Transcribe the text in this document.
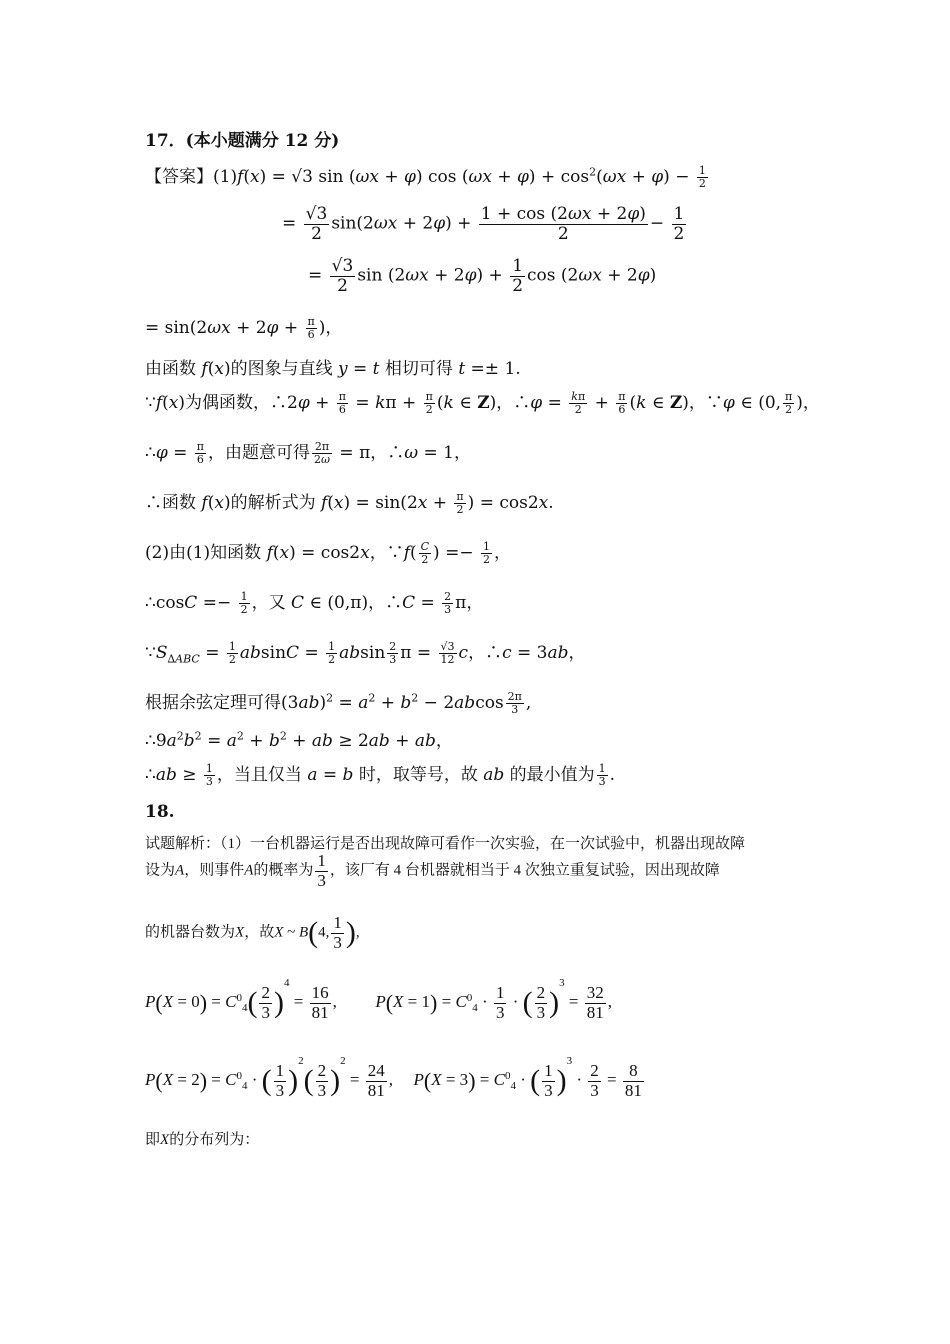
17．(本小题满分 12 分)
【答案】(1)f(x) = √3 sin (ωx + φ) $\cos (\omega x + \varphi) + \cos^2(\omega x + \varphi) - \frac{1}{2}$
= $\frac{√3}{2} \sin(2\omega x + 2\varphi) + \frac{1 + \cos (2\omega x + 2\varphi)}{2} - \frac{1}{2}$
= $\frac{√3}{2}$ $\sin (2\omega x + 2\varphi) + \frac{1}{2}$ cos (2ωx + 2φ)
= $\sin(2\omega x + 2\varphi + \frac{\pi}{6}$ )，
由函数 f(x)的图象与直线 y = t 相切可得 t =± 1.
∵f(x)为偶函数，∴2φ + $\frac{\pi}{6} = k\pi + \frac{\pi}{2} (k$ ∈ Z)，∴φ = $\frac{k\pi}{2} + \frac{\pi}{6} (k$ ∈ Z)，∵φ ∈ (0, $\frac{\pi}{2}$ )，
∴φ = $\frac{\pi}{6}$ ，由题意可得 $\frac{2\pi}{2\omega} = \pi$，∴ω = 1，
∴函数 f(x)的解析式为 $f(x) = \sin(2x + \frac{\pi}{2}$ ) = cos2x.
(2)由(1)知函数 f(x) = cos2x，∵f( $\frac{C}{2}$ ) =− $\frac{1}{2}$ ，
∴cosC =− $\frac{1}{2}$ ，又 C ∈ (0,π)，∴C = $\frac{2}{3}$ π，
$\because S_{\Delta ABC} = \frac{1}{2}$ $absinC = \frac{1}{2}$ absin $\frac{2}{3}$ $\pi = \frac{√3}{12}$ c，∴c = 3ab，
根据余弦定理可得$(3ab)^2 = a^2 + b^2 - 2abcos \frac{2\pi}{3}$ ,
$\therefore 9a^2b^2 = a^2 + b^2$ + ab ≥ 2ab + ab，
∴ab ≥ $\frac{1}{3}$ ，当且仅当 a = b 时，取等号，故 ab 的最小值为 $\frac{1}{3}$ .
18.
试题解析：（1）一台机器运行是否出现故障可看作一次实验，在一次试验中，机器出现故障
设为A，则事件A的概率为 $\frac{1}{3}$ ，该厂有 4 台机器就相当于 4 次独立重复试验，因出现故障
的机器台数为X，故X ~ B(4, $\frac{1}{3}$ ),
$P(X = 0) = C_{^04}( \frac{2}{3} )^4 = \frac{16}{81}$ ,  $P(X = 1) = C_{^04} \cdot \frac{1}{3}$ · ( $\frac{2}{3} )^3 = \frac{32}{81}$ ,
$P(X = 2) = C_{^04}$ · ( $\frac{1}{3} )^2( \frac{2}{3} )^2 = \frac{24}{81}$ ,  $P(X = 3) = C_{^04}$ · ( $\frac{1}{3} )^3 \cdot \frac{2}{3} = \frac{8}{81}$
即X的分布列为：
